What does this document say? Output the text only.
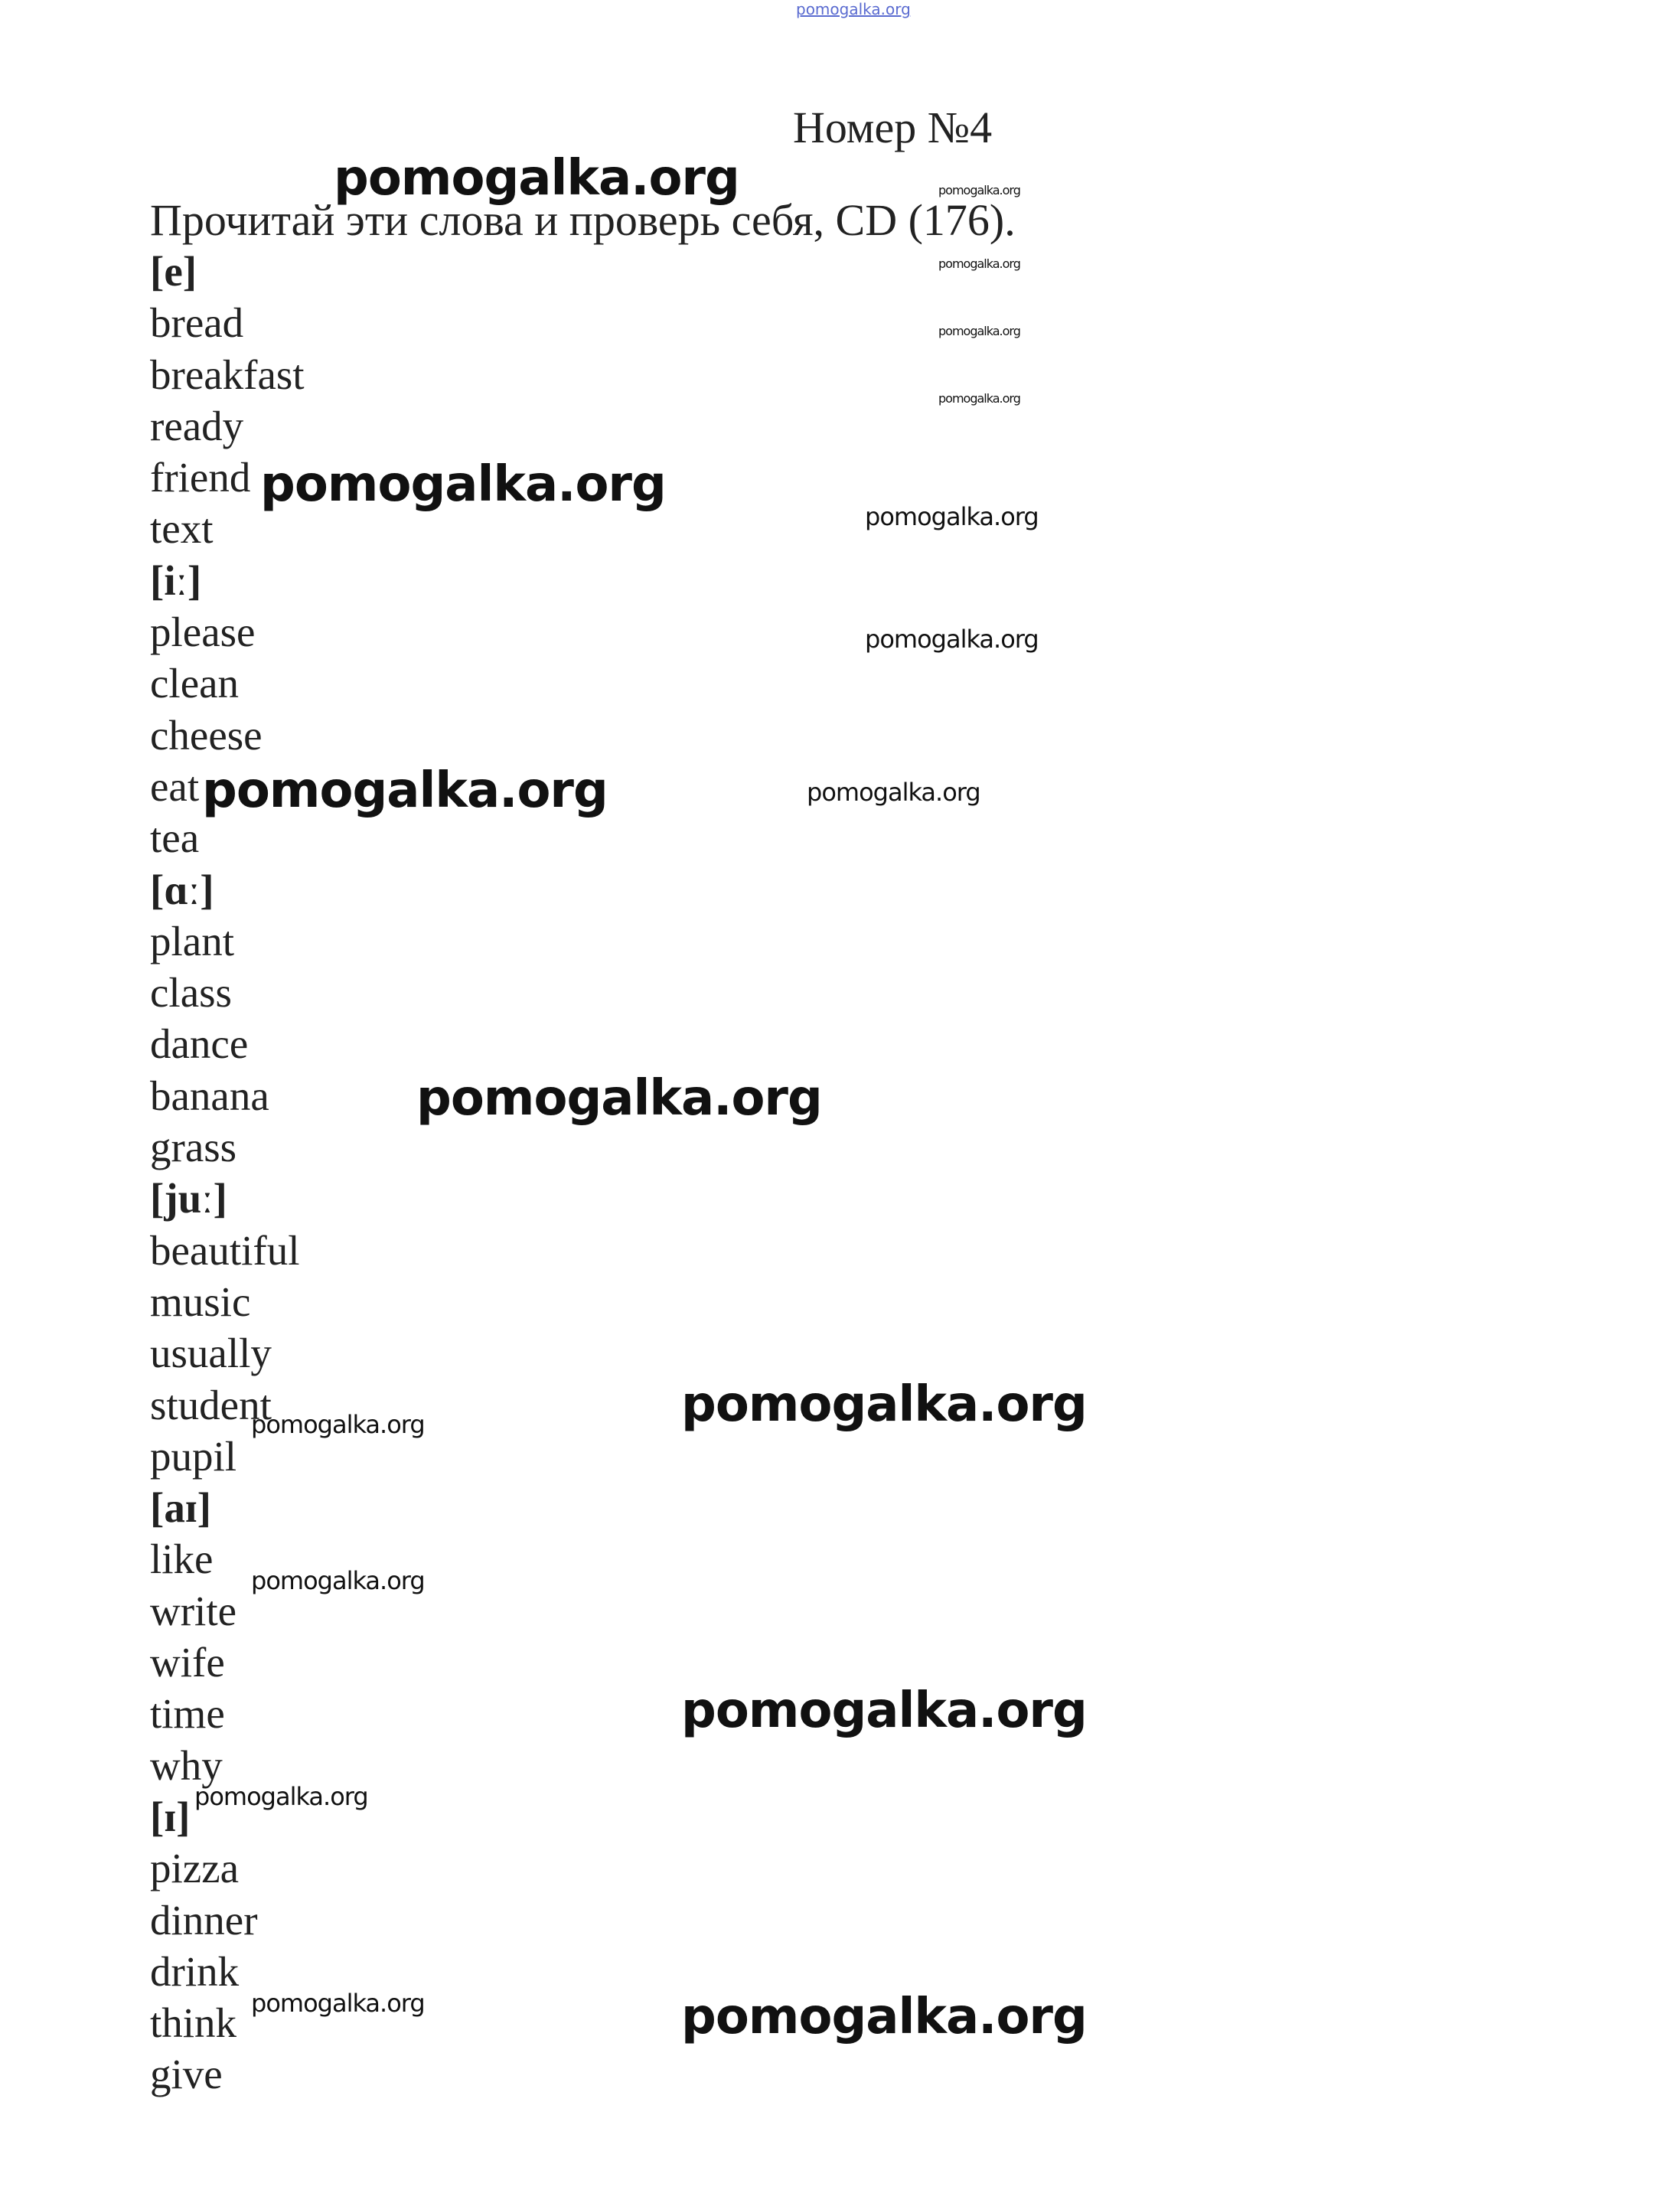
pomogalka.org
Номер №4
Прочитай эти слова и проверь себя, CD (176).
[e]
bread
breakfast
ready
friend
text
[iː]
please
clean
cheese
eat
tea
[ɑː]
plant
class
dance
banana
grass
[juː]
beautiful
music
usually
student
pupil
[aɪ]
like
write
wife
time
why
[ɪ]
pizza
dinner
drink
think
give
pomogalka.org	pomogalka.org
pomogalka.org
pomogalka.org
pomogalka.org
pomogalka.org
pomogalka.org
pomogalka.org
pomogalka.org	pomogalka.org
pomogalka.org
pomogalka.org
pomogalka.org
pomogalka.org
pomogalka.org
pomogalka.org
pomogalka.org	pomogalka.org
